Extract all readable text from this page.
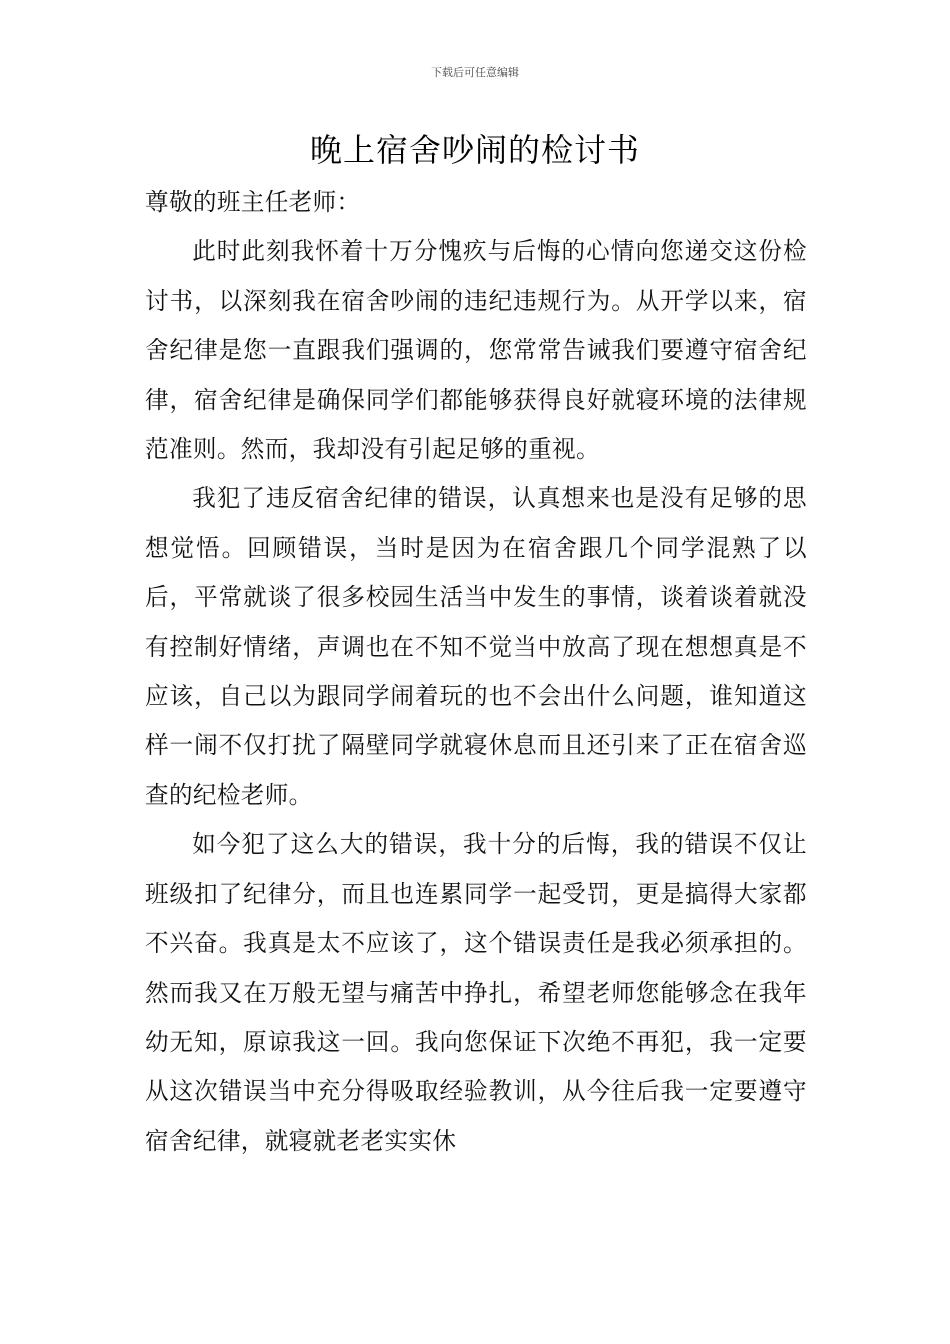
下载后可任意编辑
晚上宿舍吵闹的检讨书

尊敬的班主任老师：

此时此刻我怀着十万分愧疚与后悔的心情向您递交这份检讨书，以深刻我在宿舍吵闹的违纪违规行为。从开学以来，宿舍纪律是您一直跟我们强调的，您常常告诫我们要遵守宿舍纪律，宿舍纪律是确保同学们都能够获得良好就寝环境的法律规范准则。然而，我却没有引起足够的重视。

我犯了违反宿舍纪律的错误，认真想来也是没有足够的思想觉悟。回顾错误，当时是因为在宿舍跟几个同学混熟了以后，平常就谈了很多校园生活当中发生的事情，谈着谈着就没有控制好情绪，声调也在不知不觉当中放高了现在想想真是不应该，自己以为跟同学闹着玩的也不会出什么问题，谁知道这样一闹不仅打扰了隔壁同学就寝休息而且还引来了正在宿舍巡查的纪检老师。

如今犯了这么大的错误，我十分的后悔，我的错误不仅让班级扣了纪律分，而且也连累同学一起受罚，更是搞得大家都不兴奋。我真是太不应该了，这个错误责任是我必须承担的。然而我又在万般无望与痛苦中挣扎，希望老师您能够念在我年幼无知，原谅我这一回。我向您保证下次绝不再犯，我一定要从这次错误当中充分得吸取经验教训，从今往后我一定要遵守宿舍纪律，就寝就老老实实休
